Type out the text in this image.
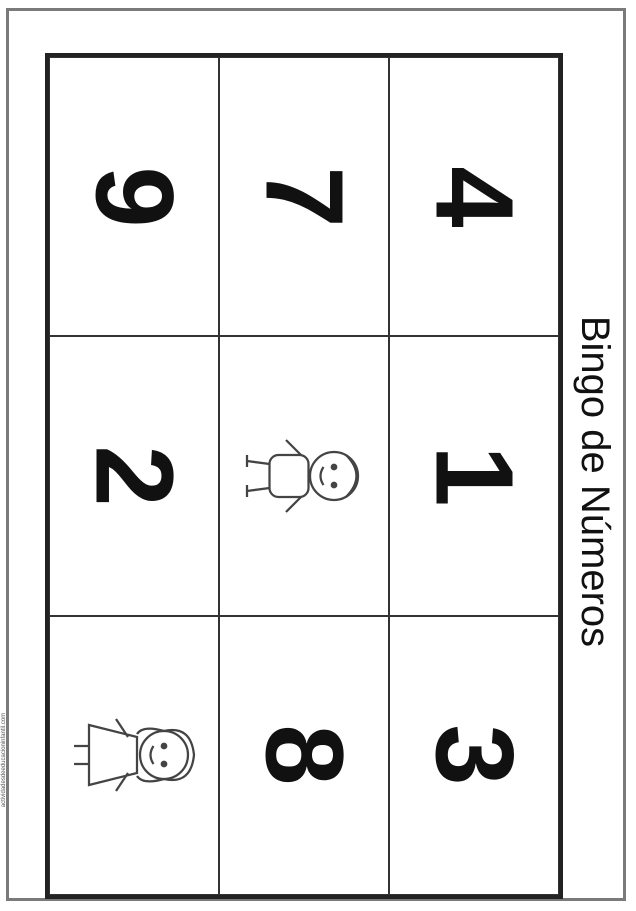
9 7 4
2 1
8 3
Bingo de Números
actividadesdeeducacioninfantil.com
